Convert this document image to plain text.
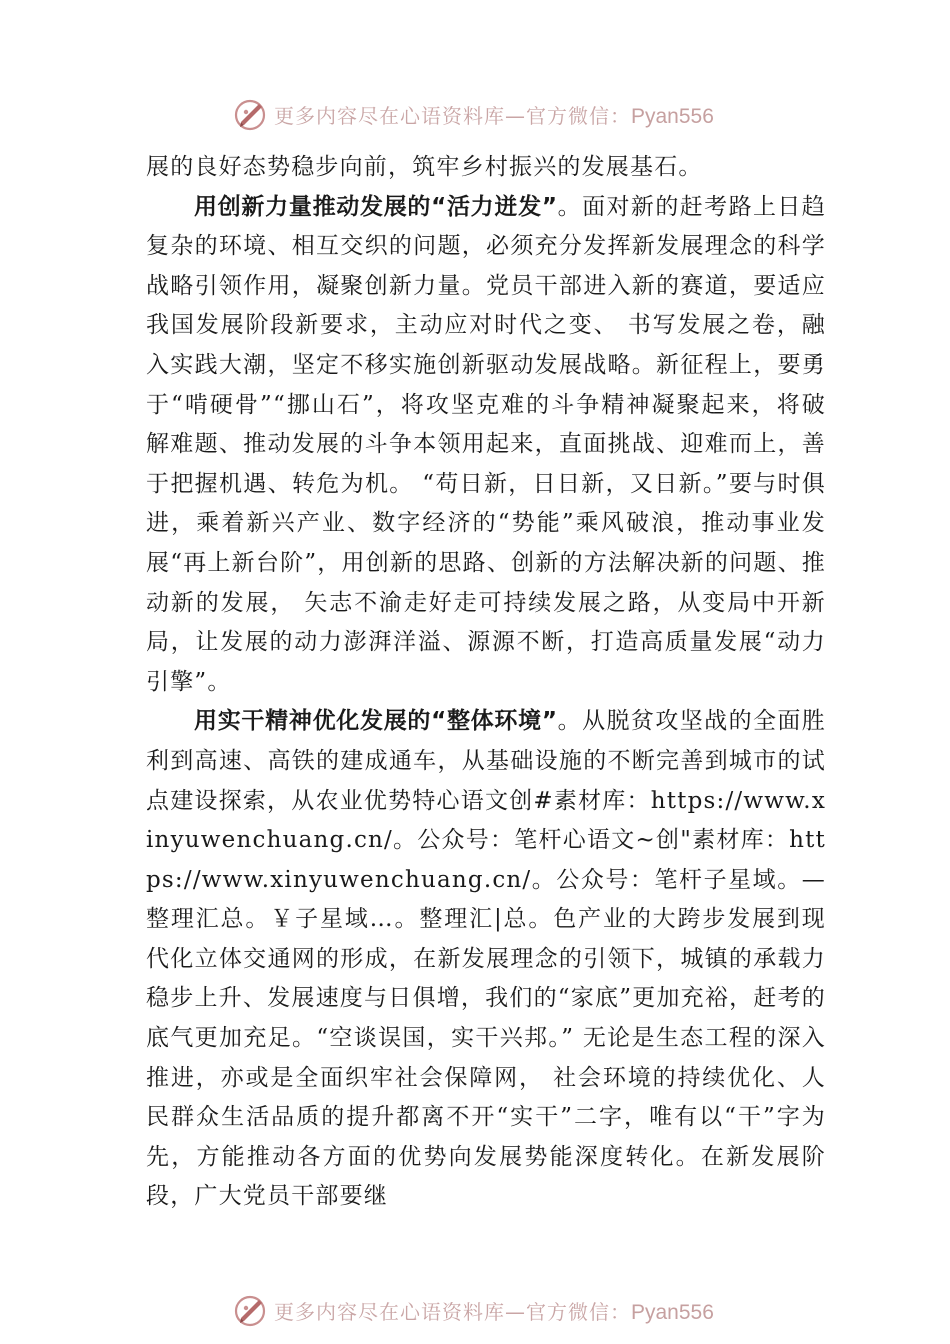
更多内容尽在心语资料库—官方微信：Pyan556

展的良好态势稳步向前，筑牢乡村振兴的发展基石。

用创新力量推动发展的“活力迸发”。面对新的赶考路上日趋复杂的环境、相互交织的问题，必须充分发挥新发展理念的科学战略引领作用，凝聚创新力量。党员干部进入新的赛道，要适应我国发展阶段新要求，主动应对时代之变、 书写发展之卷，融入实践大潮，坚定不移实施创新驱动发展战略。新征程上，要勇于“啃硬骨”“挪山石”，将攻坚克难的斗争精神凝聚起来，将破解难题、推动发展的斗争本领用起来，直面挑战、迎难而上，善于把握机遇、转危为机。 “苟日新，日日新，又日新。”要与时俱进，乘着新兴产业、数字经济的“势能”乘风破浪，推动事业发展“再上新台阶”，用创新的思路、创新的方法解决新的问题、推动新的发展， 矢志不渝走好走可持续发展之路，从变局中开新局，让发展的动力澎湃洋溢、源源不断，打造高质量发展“动力引擎”。

用实干精神优化发展的“整体环境”。从脱贫攻坚战的全面胜利到高速、高铁的建成通车，从基础设施的不断完善到城市的试点建设探索，从农业优势特心语文创#素材库：https://www.xinyuwenchuang.cn/。公众号：笔杆心语文~创"素材库：https://www.xinyuwenchuang.cn/。公众号：笔杆子星域。—整理汇总。￥子星域…。整理汇|总。色产业的大跨步发展到现代化立体交通网的形成，在新发展理念的引领下，城镇的承载力稳步上升、发展速度与日俱增，我们的“家底”更加充裕，赶考的底气更加充足。“空谈误国，实干兴邦。” 无论是生态工程的深入推进，亦或是全面织牢社会保障网， 社会环境的持续优化、人民群众生活品质的提升都离不开“实干”二字，唯有以“干”字为先，方能推动各方面的优势向发展势能深度转化。在新发展阶段，广大党员干部要继

更多内容尽在心语资料库—官方微信：Pyan556
